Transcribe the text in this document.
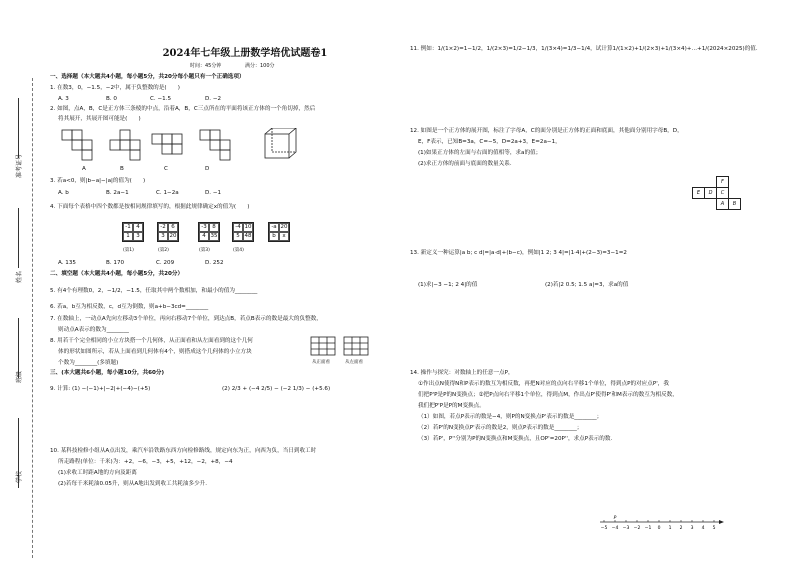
准考证号
姓名
班级
学校
2024年七年级上册数学培优试题卷1
时间：45分钟	满分：100分
一、选择题（本大题共4小题，每小题5分，共20分每小题只有一个正确选项）
1. 在数3，0，−1.5，−2中，属于负整数的是(　　)
A. 3	B. 0	C. −1.5	D. −2
2. 如图，点A，B，C是正方体三条棱的中点，沿着A，B，C三点所在的平面将该正方体的一个角切掉，然后
将其展开，其展开图可能是(　　)
A	B	C	D
3. 若a<0，则|b−a|−|a|的值为(　　)
A. b	B. 2a−1	C. 1−2a	D. −1
4. 下面每个表格中四个数都是按相同规律填写的，根据此规律确定x的值为(　　)
-1	4
1	3
-2	6
3 20
-3	8
4 35
-4 10
5 48
-a 20
b	x
(第1)	(第2)	(第3)	(第4)
A. 135	B. 170	C. 209	D. 252
二、填空题（本大题共4小题，每小题5分，共20分）
5. 有4个有理数0，2，−1/2，−1.5，任取其中两个数相加，和最小的值为________
6. 若a，b互为相反数，c，d互为倒数，则a+b−3cd=________
7. 在数轴上，一动点A先向左移动3个单位，再向右移动7个单位，到达点B，若点B表示的数是最大的负整数，
则动点A表示的数为________
8. 用若干个完全相同的小立方块搭一个几何体，从正面看和从左面看到的这个几何
体的形状如图所示，若从上面看到几何体有4个，则搭成这个几何体的小立方块
个数为________(多填题)	从正面看	从左面看
三、(本大题共6小题，每小题10分，共60分)
9. 计算: (1) −(−1)+|−2|+(−4)−(+5)	(2) 2/3 + (−4 2/5) − (−2 1/3) − (+5.6)
10. 某科技检修小组从A点出发，乘汽车沿铁路东西方向检修路线，规定向东为正，向西为负，当日到收工时
所走路程(单位：千米)为：+2，−6，−3，+5，+12，−2，+8，−4
(1)求收工时距A地的方向及距离
(2)若每千米耗油0.05升，则从A地出发到收工共耗油多少升.
11. 例如：1/(1×2)=1−1/2，1/(2×3)=1/2−1/3，1/(3×4)=1/3−1/4，试计算1/(1×2)+1/(2×3)+1/(3×4)+…+1/(2024×2025)的值.
12. 如图是一个正方体的展开图，标注了字母A，C的面分别是正方体的正面和底面，其他面分别用字母B，D，
E，F表示，已知B=3a，C=−5，D=2a+3，E=2a−1，
(1)如果正方体的左面与右面的值相等，求a的值；
(2)求正方体的前面与底面的数量关系.
F
E	D	C
A	B
13. 新定义一种运算|a b; c d|=|a·d|+(b−c)，例如|1 2; 3 4|=|1·4|+(2−3)=3−1=2
(1)求|−3 −1; 2 4|的值	(2)若|2 0.5; 1.5 a|=3，求a的值
14. 操作与探究：对数轴上的任意一点P，
①作出点N使得N和P表示的数互为相反数，再把N对应的点向右平移1个单位，得到点P的对应点P'，我
们把P'P是P的N变换点；②把P点向右平移1个单位，得到点M，作出点P'使得P'和M表示的数互为相反数，
我们把P'P是P的M变换点。
（1）如图，若点P表示的数是−4，则P的N变换点P'表示的数是________；
（2）若P'的N变换点P'表示的数是2，则点P表示的数是________；
（3）若P'，P''分别为P的N变换点和M变换点，且OP'=20P''，求点P表示的数.
−5 −4 −3 −2 −1 0 1 2 3 4 5
P
